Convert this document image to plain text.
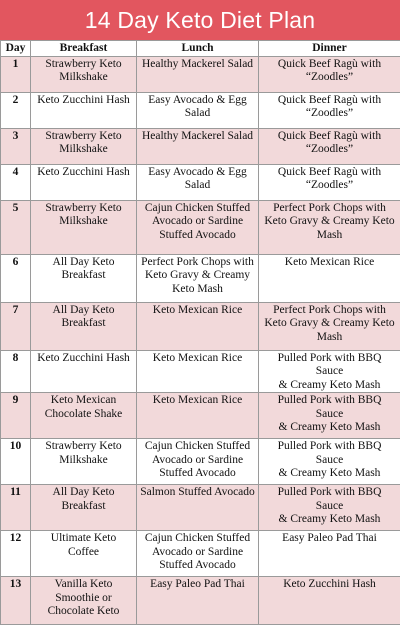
14 Day Keto Diet Plan
Day	Breakfast	Lunch	Dinner

1	Strawberry Keto
Milkshake	Healthy Mackerel Salad	Quick Beef Ragù with
“Zoodles”

2	Keto Zucchini Hash	Easy Avocado & Egg
Salad	Quick Beef Ragù with
“Zoodles”

3	Strawberry Keto
Milkshake	Healthy Mackerel Salad	Quick Beef Ragù with
“Zoodles”

4	Keto Zucchini Hash	Easy Avocado & Egg
Salad	Quick Beef Ragù with
“Zoodles”

5	Strawberry Keto
Milkshake	Cajun Chicken Stuffed
Avocado or Sardine
Stuffed Avocado	Perfect Pork Chops with
Keto Gravy & Creamy Keto
Mash

6	All Day Keto
Breakfast	Perfect Pork Chops with
Keto Gravy & Creamy
Keto Mash	Keto Mexican Rice

7	All Day Keto
Breakfast	Keto Mexican Rice	Perfect Pork Chops with
Keto Gravy & Creamy Keto
Mash

8	Keto Zucchini Hash	Keto Mexican Rice	Pulled Pork with BBQ
Sauce
& Creamy Keto Mash

9	Keto Mexican
Chocolate Shake	Keto Mexican Rice	Pulled Pork with BBQ
Sauce
& Creamy Keto Mash

10	Strawberry Keto
Milkshake	Cajun Chicken Stuffed
Avocado or Sardine
Stuffed Avocado	Pulled Pork with BBQ
Sauce
& Creamy Keto Mash

11	All Day Keto
Breakfast	Salmon Stuffed Avocado	Pulled Pork with BBQ
Sauce
& Creamy Keto Mash

12	Ultimate Keto
Coffee	Cajun Chicken Stuffed
Avocado or Sardine
Stuffed Avocado	Easy Paleo Pad Thai

13	Vanilla Keto
Smoothie or
Chocolate Keto	Easy Paleo Pad Thai	Keto Zucchini Hash
